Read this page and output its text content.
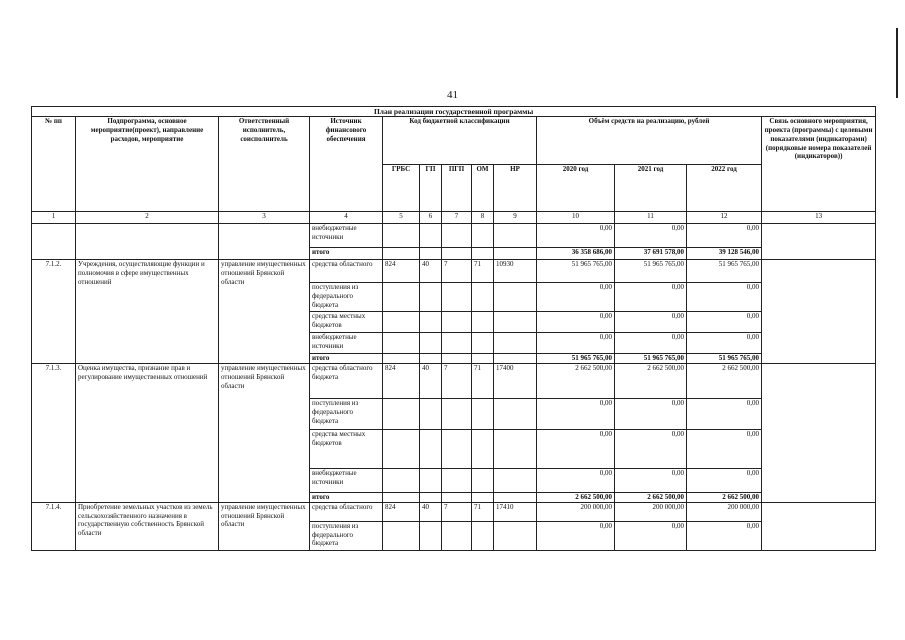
41
План реализации государственной программы												
№ пп	Подпрограмма, основное мероприятие(проект), направление расходов, мероприятие	Ответственный исполнитель, соисполнитель	Источник финансового обеспечения	Код бюджетной классификации					Объём средств на реализацию, рублей			Связь основного мероприятия, проекта (программы) с целевыми показателями (индикаторами) (порядковые номера показателей (индикаторов))
				ГРБС	ГП	ПГП	ОМ	НР	2020 год	2021 год	2022 год	
1	2	3	4	5	6	7	8	9	10	11	12	13
			внебюджетные источники						0,00	0,00	0,00	
			итого						36 358 686,00	37 691 578,00	39 128 546,00	
7.1.2.	Учреждения, осуществляющие функции и полномочия в сфере имущественных отношений	управление имущественных отношений Брянской области	средства областного	824	40	7	71	10930	51 965 765,00	51 965 765,00	51 965 765,00	
			поступления из федерального бюджета						0,00	0,00	0,00	
			средства местных бюджетов						0,00	0,00	0,00	
			внебюджетные источники						0,00	0,00	0,00	
			итого						51 965 765,00	51 965 765,00	51 965 765,00	
7.1.3.	Оценка имущества, признание прав и регулирование имущественных отношений	управление имущественных отношений Брянской области	средства областного бюджета	824	40	7	71	17400	2 662 500,00	2 662 500,00	2 662 500,00	
			поступления из федерального бюджета						0,00	0,00	0,00	
			средства местных бюджетов						0,00	0,00	0,00	
			внебюджетные источники						0,00	0,00	0,00	
			итого						2 662 500,00	2 662 500,00	2 662 500,00	
7.1.4.	Приобретение земельных участков из земель сельскохозяйственного назначения в государственную собственность Брянской области	управление имущественных отношений Брянской области	средства областного	824	40	7	71	17410	200 000,00	200 000,00	200 000,00	
			поступления из федерального бюджета						0,00	0,00	0,00	
